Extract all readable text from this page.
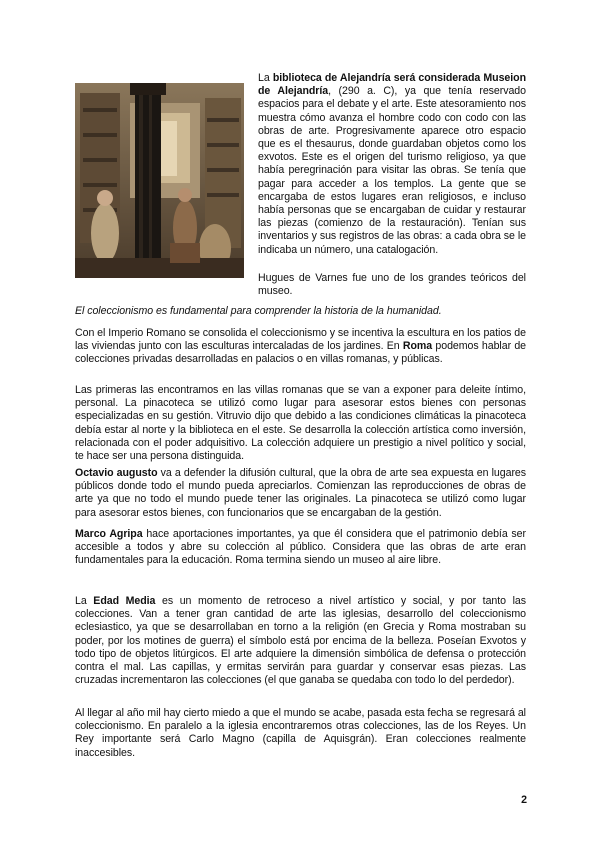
La biblioteca de Alejandría será considerada Museion de Alejandría, (290 a. C), ya que tenía reservado espacios para el debate y el arte. Este atesoramiento nos muestra cómo avanza el hombre codo con codo con las obras de arte. Progresivamente aparece otro espacio que es el thesaurus, donde guardaban objetos como los exvotos. Este es el origen del turismo religioso, ya que había peregrinación para visitar las obras. Se tenía que pagar para acceder a los templos. La gente que se encargaba de estos lugares eran religiosos, e incluso había personas que se encargaban de cuidar y restaurar las piezas (comienzo de la restauración). Tenían sus inventarios y sus registros de las obras: a cada obra se le indicaba un número, una catalogación.

Hugues de Varnes fue uno de los grandes teóricos del museo.

El coleccionismo es fundamental para comprender la historia de la humanidad.

Con el Imperio Romano se consolida el coleccionismo y se incentiva la escultura en los patios de las viviendas junto con las esculturas intercaladas de los jardines. En Roma podemos hablar de colecciones privadas desarrolladas en palacios o en villas romanas, y públicas.

Las primeras las encontramos en las villas romanas que se van a exponer para deleite íntimo, personal. La pinacoteca se utilizó como lugar para asesorar estos bienes con personas especializadas en su gestión. Vitruvio dijo que debido a las condiciones climáticas la pinacoteca debía estar al norte y la biblioteca en el este. Se desarrolla la colección artística como inversión, relacionada con el poder adquisitivo. La colección adquiere un prestigio a nivel político y social, te hace ser una persona distinguida.

Octavio augusto va a defender la difusión cultural, que la obra de arte sea expuesta en lugares públicos donde todo el mundo pueda apreciarlos. Comienzan las reproducciones de obras de arte ya que no todo el mundo puede tener las originales. La pinacoteca se utilizó como lugar para asesorar estos bienes, con funcionarios que se encargaban de la gestión.

Marco Agripa hace aportaciones importantes, ya que él considera que el patrimonio debía ser accesible a todos y abre su colección al público. Considera que las obras de arte eran fundamentales para la educación. Roma termina siendo un museo al aire libre.

La Edad Media es un momento de retroceso a nivel artístico y social, y por tanto las colecciones. Van a tener gran cantidad de arte las iglesias, desarrollo del coleccionismo eclesiastico, ya que se desarrollaban en torno a la religión (en Grecia y Roma mostraban su poder, por los motines de guerra) el símbolo está por encima de la belleza. Poseían Exvotos y todo tipo de objetos litúrgicos. El arte adquiere la dimensión simbólica de defensa o protección contra el mal. Las capillas, y ermitas servirán para guardar y conservar esas piezas. Las cruzadas incrementaron las colecciones (el que ganaba se quedaba con todo lo del perdedor).

Al llegar al año mil hay cierto miedo a que el mundo se acabe, pasada esta fecha se regresará al coleccionismo. En paralelo a la iglesia encontraremos otras colecciones, las de los Reyes. Un Rey importante será Carlo Magno (capilla de Aquisgrán). Eran colecciones realmente inaccesibles.

2
